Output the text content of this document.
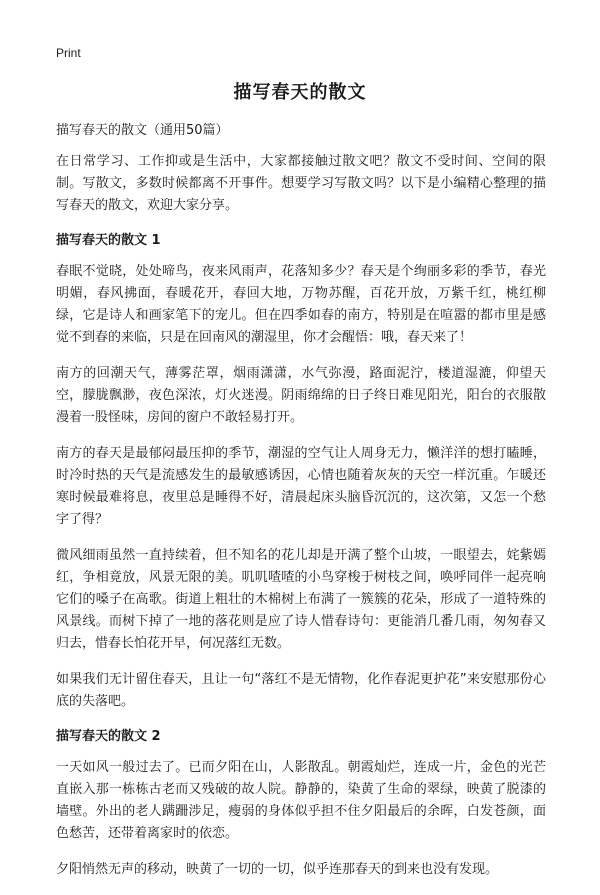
Print
描写春天的散文

描写春天的散文（通用50篇）

在日常学习、工作抑或是生活中，大家都接触过散文吧？散文不受时间、空间的限制。写散文，多数时候都离不开事件。想要学习写散文吗？以下是小编精心整理的描写春天的散文，欢迎大家分享。

描写春天的散文 1

春眠不觉晓，处处啼鸟，夜来风雨声，花落知多少？春天是个绚丽多彩的季节，春光明媚，春风拂面，春暖花开，春回大地，万物苏醒，百花开放，万紫千红，桃红柳绿，它是诗人和画家笔下的宠儿。但在四季如春的南方，特别是在喧嚣的都市里是感觉不到春的来临，只是在回南风的潮湿里，你才会醒悟：哦，春天来了！

南方的回潮天气，薄雾茫罩，烟雨潇潇，水气弥漫，路面泥泞，楼道湿漉，仰望天空，朦胧飘渺，夜色深浓，灯火迷漫。阴雨绵绵的日子终日难见阳光，阳台的衣服散漫着一股怪味，房间的窗户不敢轻易打开。

南方的春天是最郁闷最压抑的季节，潮湿的空气让人周身无力，懒洋洋的想打瞌睡，时冷时热的天气是流感发生的最敏感诱因，心情也随着灰灰的天空一样沉重。乍暖还寒时候最难将息，夜里总是睡得不好，清晨起床头脑昏沉沉的，这次第，又怎一个愁字了得？

微风细雨虽然一直持续着，但不知名的花儿却是开满了整个山坡，一眼望去，姹紫嫣红，争相竟放，风景无限的美。叽叽喳喳的小鸟穿梭于树枝之间，唤呼同伴一起亮响它们的嗓子在高歌。街道上粗壮的木棉树上布满了一簇簇的花朵，形成了一道特殊的风景线。而树下掉了一地的落花则是应了诗人惜春诗句：更能消几番几雨，匆匆春又归去，惜春长怕花开早，何况落红无数。

如果我们无计留住春天，且让一句“落红不是无情物，化作春泥更护花”来安慰那份心底的失落吧。

描写春天的散文 2

一天如风一般过去了。已而夕阳在山，人影散乱。朝霞灿烂，连成一片，金色的光芒直嵌入那一栋栋古老而又残破的故人院。静静的，染黄了生命的翠绿，映黄了脱漆的墙壁。外出的老人蹒跚涉足，瘦弱的身体似乎担不住夕阳最后的余晖，白发苍颜，面色愁苦，还带着离家时的依恋。

夕阳悄然无声的移动，映黄了一切的一切，似乎连那春天的到来也没有发现。
